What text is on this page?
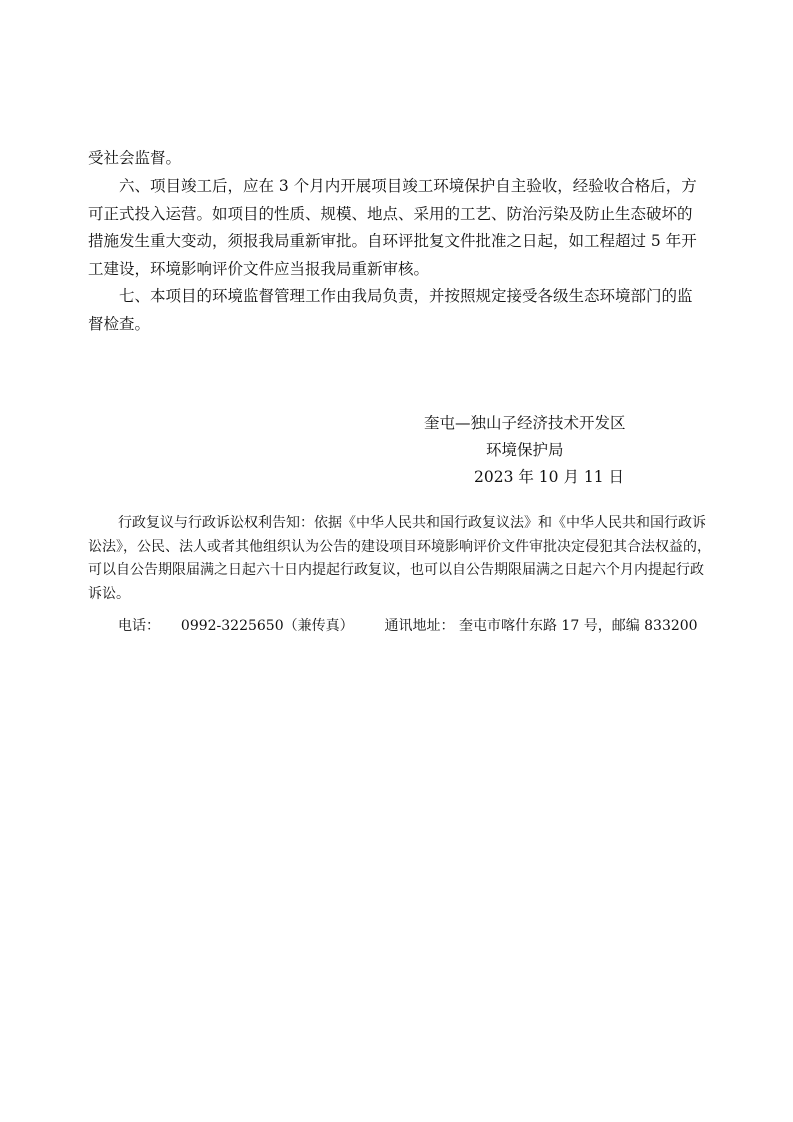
受社会监督。
六、项目竣工后，应在 3 个月内开展项目竣工环境保护自主验收，经验收合格后，方
可正式投入运营。如项目的性质、规模、地点、采用的工艺、防治污染及防止生态破坏的
措施发生重大变动，须报我局重新审批。自环评批复文件批准之日起，如工程超过 5 年开
工建设，环境影响评价文件应当报我局重新审核。
七、本项目的环境监督管理工作由我局负责，并按照规定接受各级生态环境部门的监
督检查。
奎屯—独山子经济技术开发区
环境保护局
2023 年 10 月 11 日
行政复议与行政诉讼权利告知：依据《中华人民共和国行政复议法》和《中华人民共和国行政诉
讼法》，公民、法人或者其他组织认为公告的建设项目环境影响评价文件审批决定侵犯其合法权益的，
可以自公告期限届满之日起六十日内提起行政复议，也可以自公告期限届满之日起六个月内提起行政
诉讼。
电话： 0992-3225650（兼传真） 通讯地址： 奎屯市喀什东路 17 号，邮编 833200
